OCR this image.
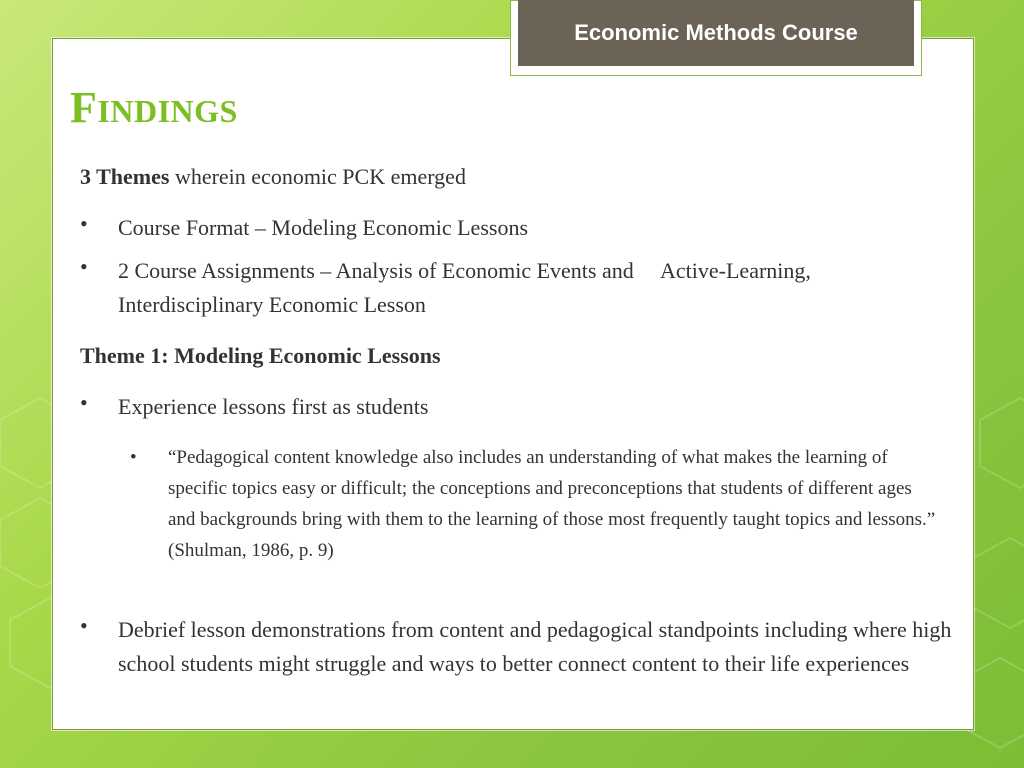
Economic Methods Course
FINDINGS
3 Themes wherein economic PCK emerged
• Course Format – Modeling Economic Lessons
• 2 Course Assignments – Analysis of Economic Events and     Active-Learning, Interdisciplinary Economic Lesson
Theme 1: Modeling Economic Lessons
• Experience lessons first as students
• “Pedagogical content knowledge also includes an understanding of what makes the learning of specific topics easy or difficult; the conceptions and preconceptions that students of different ages and backgrounds bring with them to the learning of those most frequently taught topics and lessons.” (Shulman, 1986, p. 9)
• Debrief lesson demonstrations from content and pedagogical standpoints including where high school students might struggle and ways to better connect content to their life experiences
